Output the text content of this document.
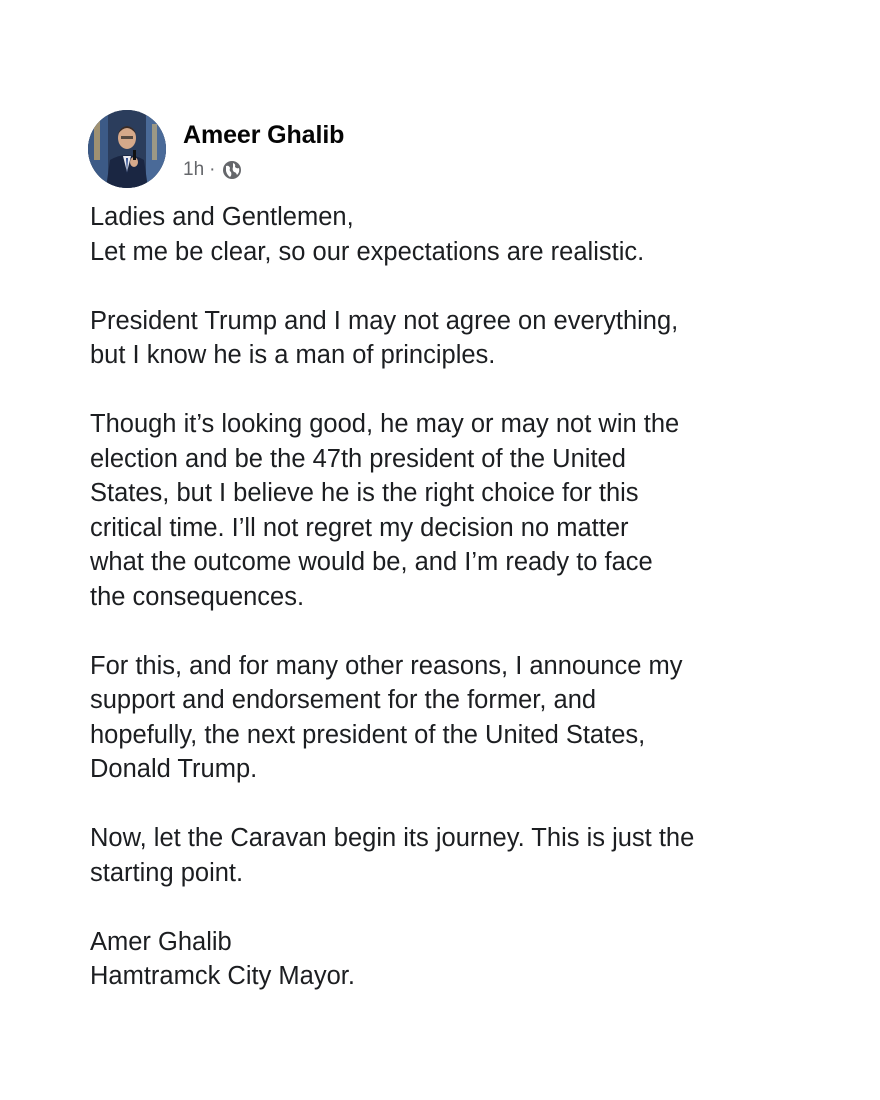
Ameer Ghalib
1h ·

Ladies and Gentlemen,
Let me be clear, so our expectations are realistic.

President Trump and I may not agree on everything,
but I know he is a man of principles.

Though it’s looking good, he may or may not win the
election and be the 47th president of the United
States, but I believe he is the right choice for this
critical time. I’ll not regret my decision no matter
what the outcome would be, and I’m ready to face
the consequences.

For this, and for many other reasons, I announce my
support and endorsement for the former, and
hopefully, the next president of the United States,
Donald Trump.

Now, let the Caravan begin its journey. This is just the
starting point.

Amer Ghalib
Hamtramck City Mayor.
